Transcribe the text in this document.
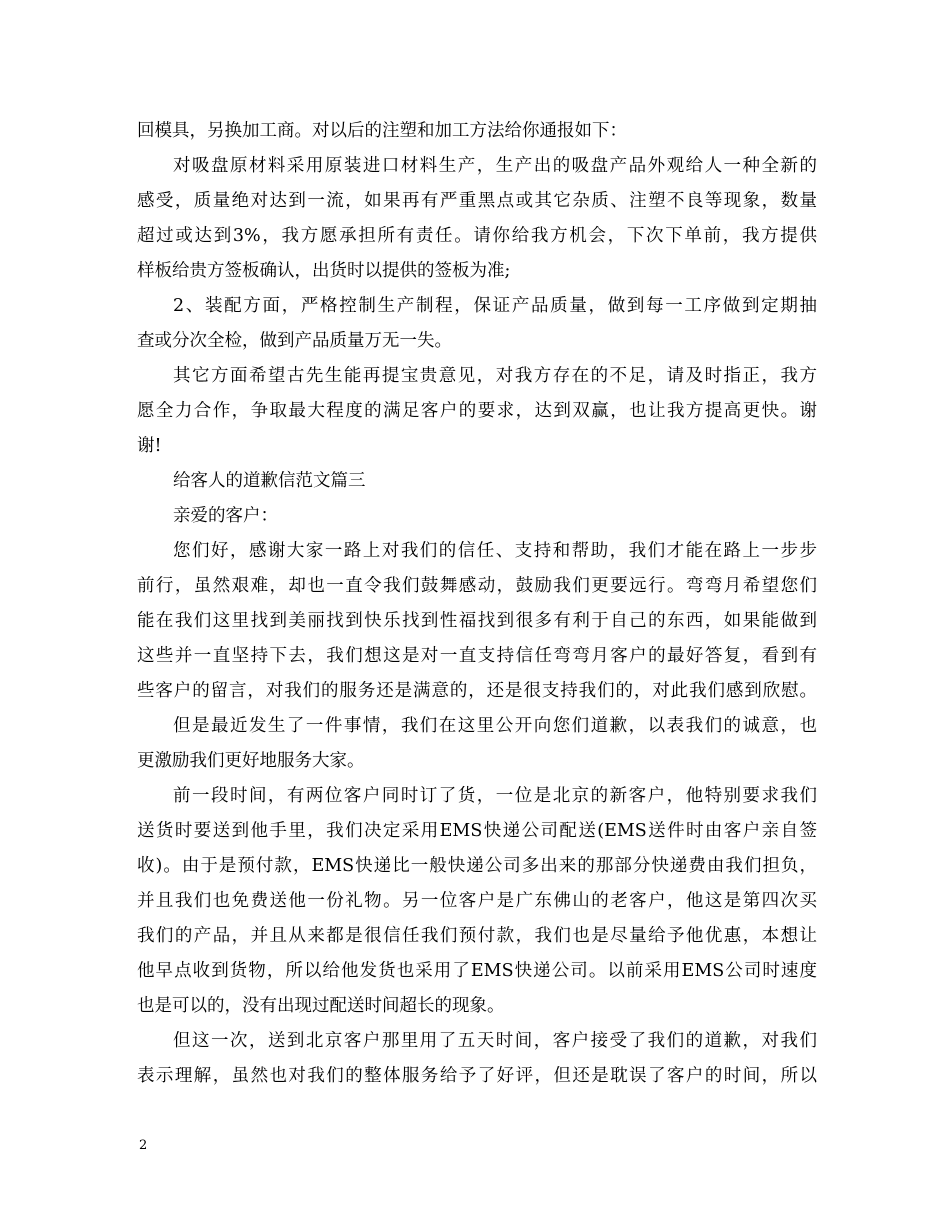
回模具，另换加工商。对以后的注塑和加工方法给你通报如下：
对吸盘原材料采用原装进口材料生产，生产出的吸盘产品外观给人一种全新的
感受，质量绝对达到一流，如果再有严重黑点或其它杂质、注塑不良等现象，数量
超过或达到3%，我方愿承担所有责任。请你给我方机会，下次下单前，我方提供
样板给贵方签板确认，出货时以提供的签板为准;
2、装配方面，严格控制生产制程，保证产品质量，做到每一工序做到定期抽
查或分次全检，做到产品质量万无一失。
其它方面希望古先生能再提宝贵意见，对我方存在的不足，请及时指正，我方
愿全力合作，争取最大程度的满足客户的要求，达到双赢，也让我方提高更快。谢
谢!
给客人的道歉信范文篇三
亲爱的客户：
您们好，感谢大家一路上对我们的信任、支持和帮助，我们才能在路上一步步
前行，虽然艰难，却也一直令我们鼓舞感动，鼓励我们更要远行。弯弯月希望您们
能在我们这里找到美丽找到快乐找到性福找到很多有利于自己的东西，如果能做到
这些并一直坚持下去，我们想这是对一直支持信任弯弯月客户的最好答复，看到有
些客户的留言，对我们的服务还是满意的，还是很支持我们的，对此我们感到欣慰。
但是最近发生了一件事情，我们在这里公开向您们道歉，以表我们的诚意，也
更激励我们更好地服务大家。
前一段时间，有两位客户同时订了货，一位是北京的新客户，他特别要求我们
送货时要送到他手里，我们决定采用EMS快递公司配送(EMS送件时由客户亲自签
收)。由于是预付款，EMS快递比一般快递公司多出来的那部分快递费由我们担负，
并且我们也免费送他一份礼物。另一位客户是广东佛山的老客户，他这是第四次买
我们的产品，并且从来都是很信任我们预付款，我们也是尽量给予他优惠，本想让
他早点收到货物，所以给他发货也采用了EMS快递公司。以前采用EMS公司时速度
也是可以的，没有出现过配送时间超长的现象。
但这一次，送到北京客户那里用了五天时间，客户接受了我们的道歉，对我们
表示理解，虽然也对我们的整体服务给予了好评，但还是耽误了客户的时间，所以
2
